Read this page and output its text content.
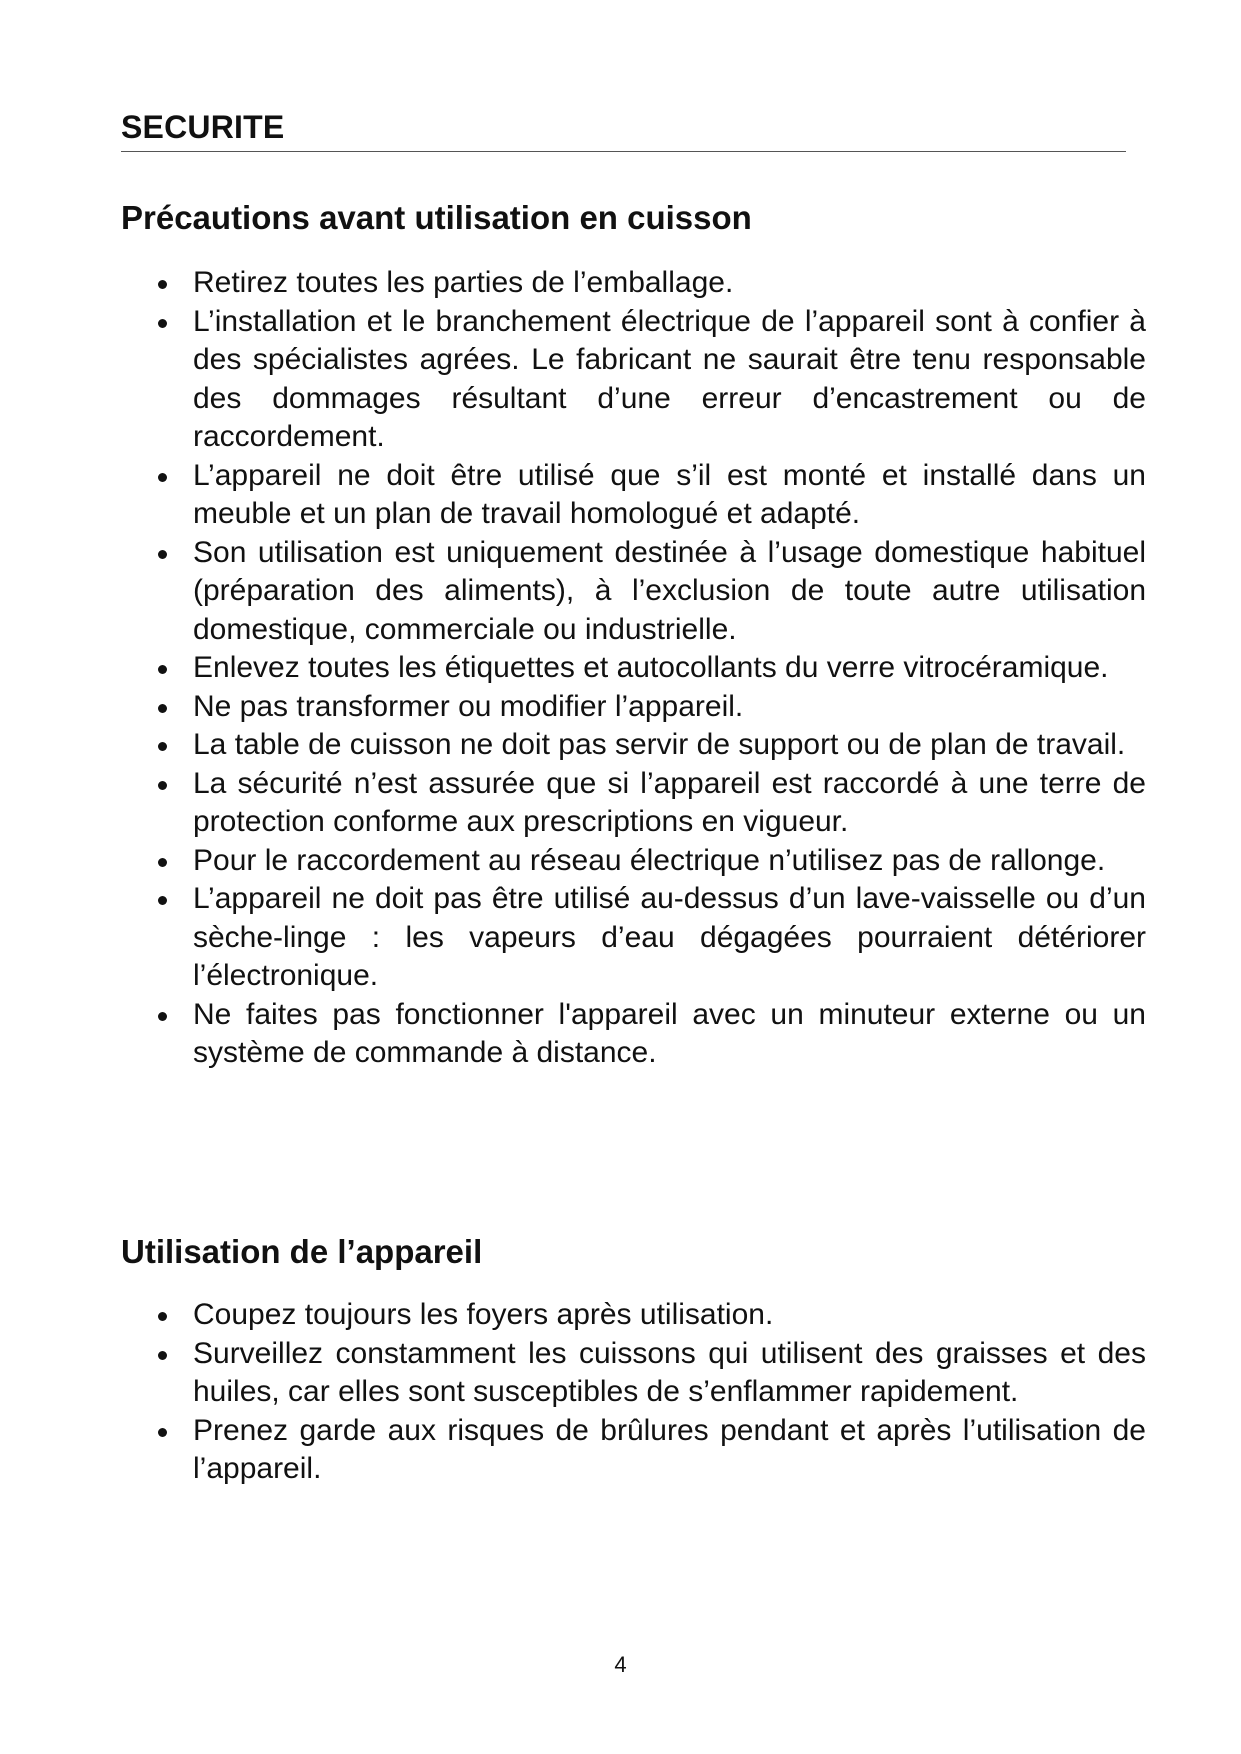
SECURITE
Précautions avant utilisation en cuisson
Retirez toutes les parties de l’emballage.
L’installation et le branchement électrique de l’appareil sont à confier à des spécialistes agrées. Le fabricant ne saurait être tenu responsable des dommages résultant d’une erreur d’encastrement ou de raccordement.
L’appareil ne doit être utilisé que s’il est monté et installé dans un meuble et un plan de travail homologué et adapté.
Son utilisation est uniquement destinée à l’usage domestique habituel (préparation des aliments), à l’exclusion de toute autre utilisation domestique, commerciale ou industrielle.
Enlevez toutes les étiquettes et autocollants du verre vitrocéramique.
Ne pas transformer ou modifier l’appareil.
La table de cuisson ne doit pas servir de support ou de plan de travail.
La sécurité n’est assurée que si l’appareil est raccordé à une terre de protection conforme aux prescriptions en vigueur.
Pour le raccordement au réseau électrique n’utilisez pas de rallonge.
L’appareil ne doit pas être utilisé au-dessus d’un lave-vaisselle ou d’un sèche-linge : les vapeurs d’eau dégagées pourraient détériorer l’électronique.
Ne faites pas fonctionner l'appareil avec un minuteur externe ou un système de commande à distance.
Utilisation de l’appareil
Coupez toujours les foyers après utilisation.
Surveillez constamment les cuissons qui utilisent des graisses et des huiles, car elles sont susceptibles de s’enflammer rapidement.
Prenez garde aux risques de brûlures pendant et après l’utilisation de l’appareil.
4
